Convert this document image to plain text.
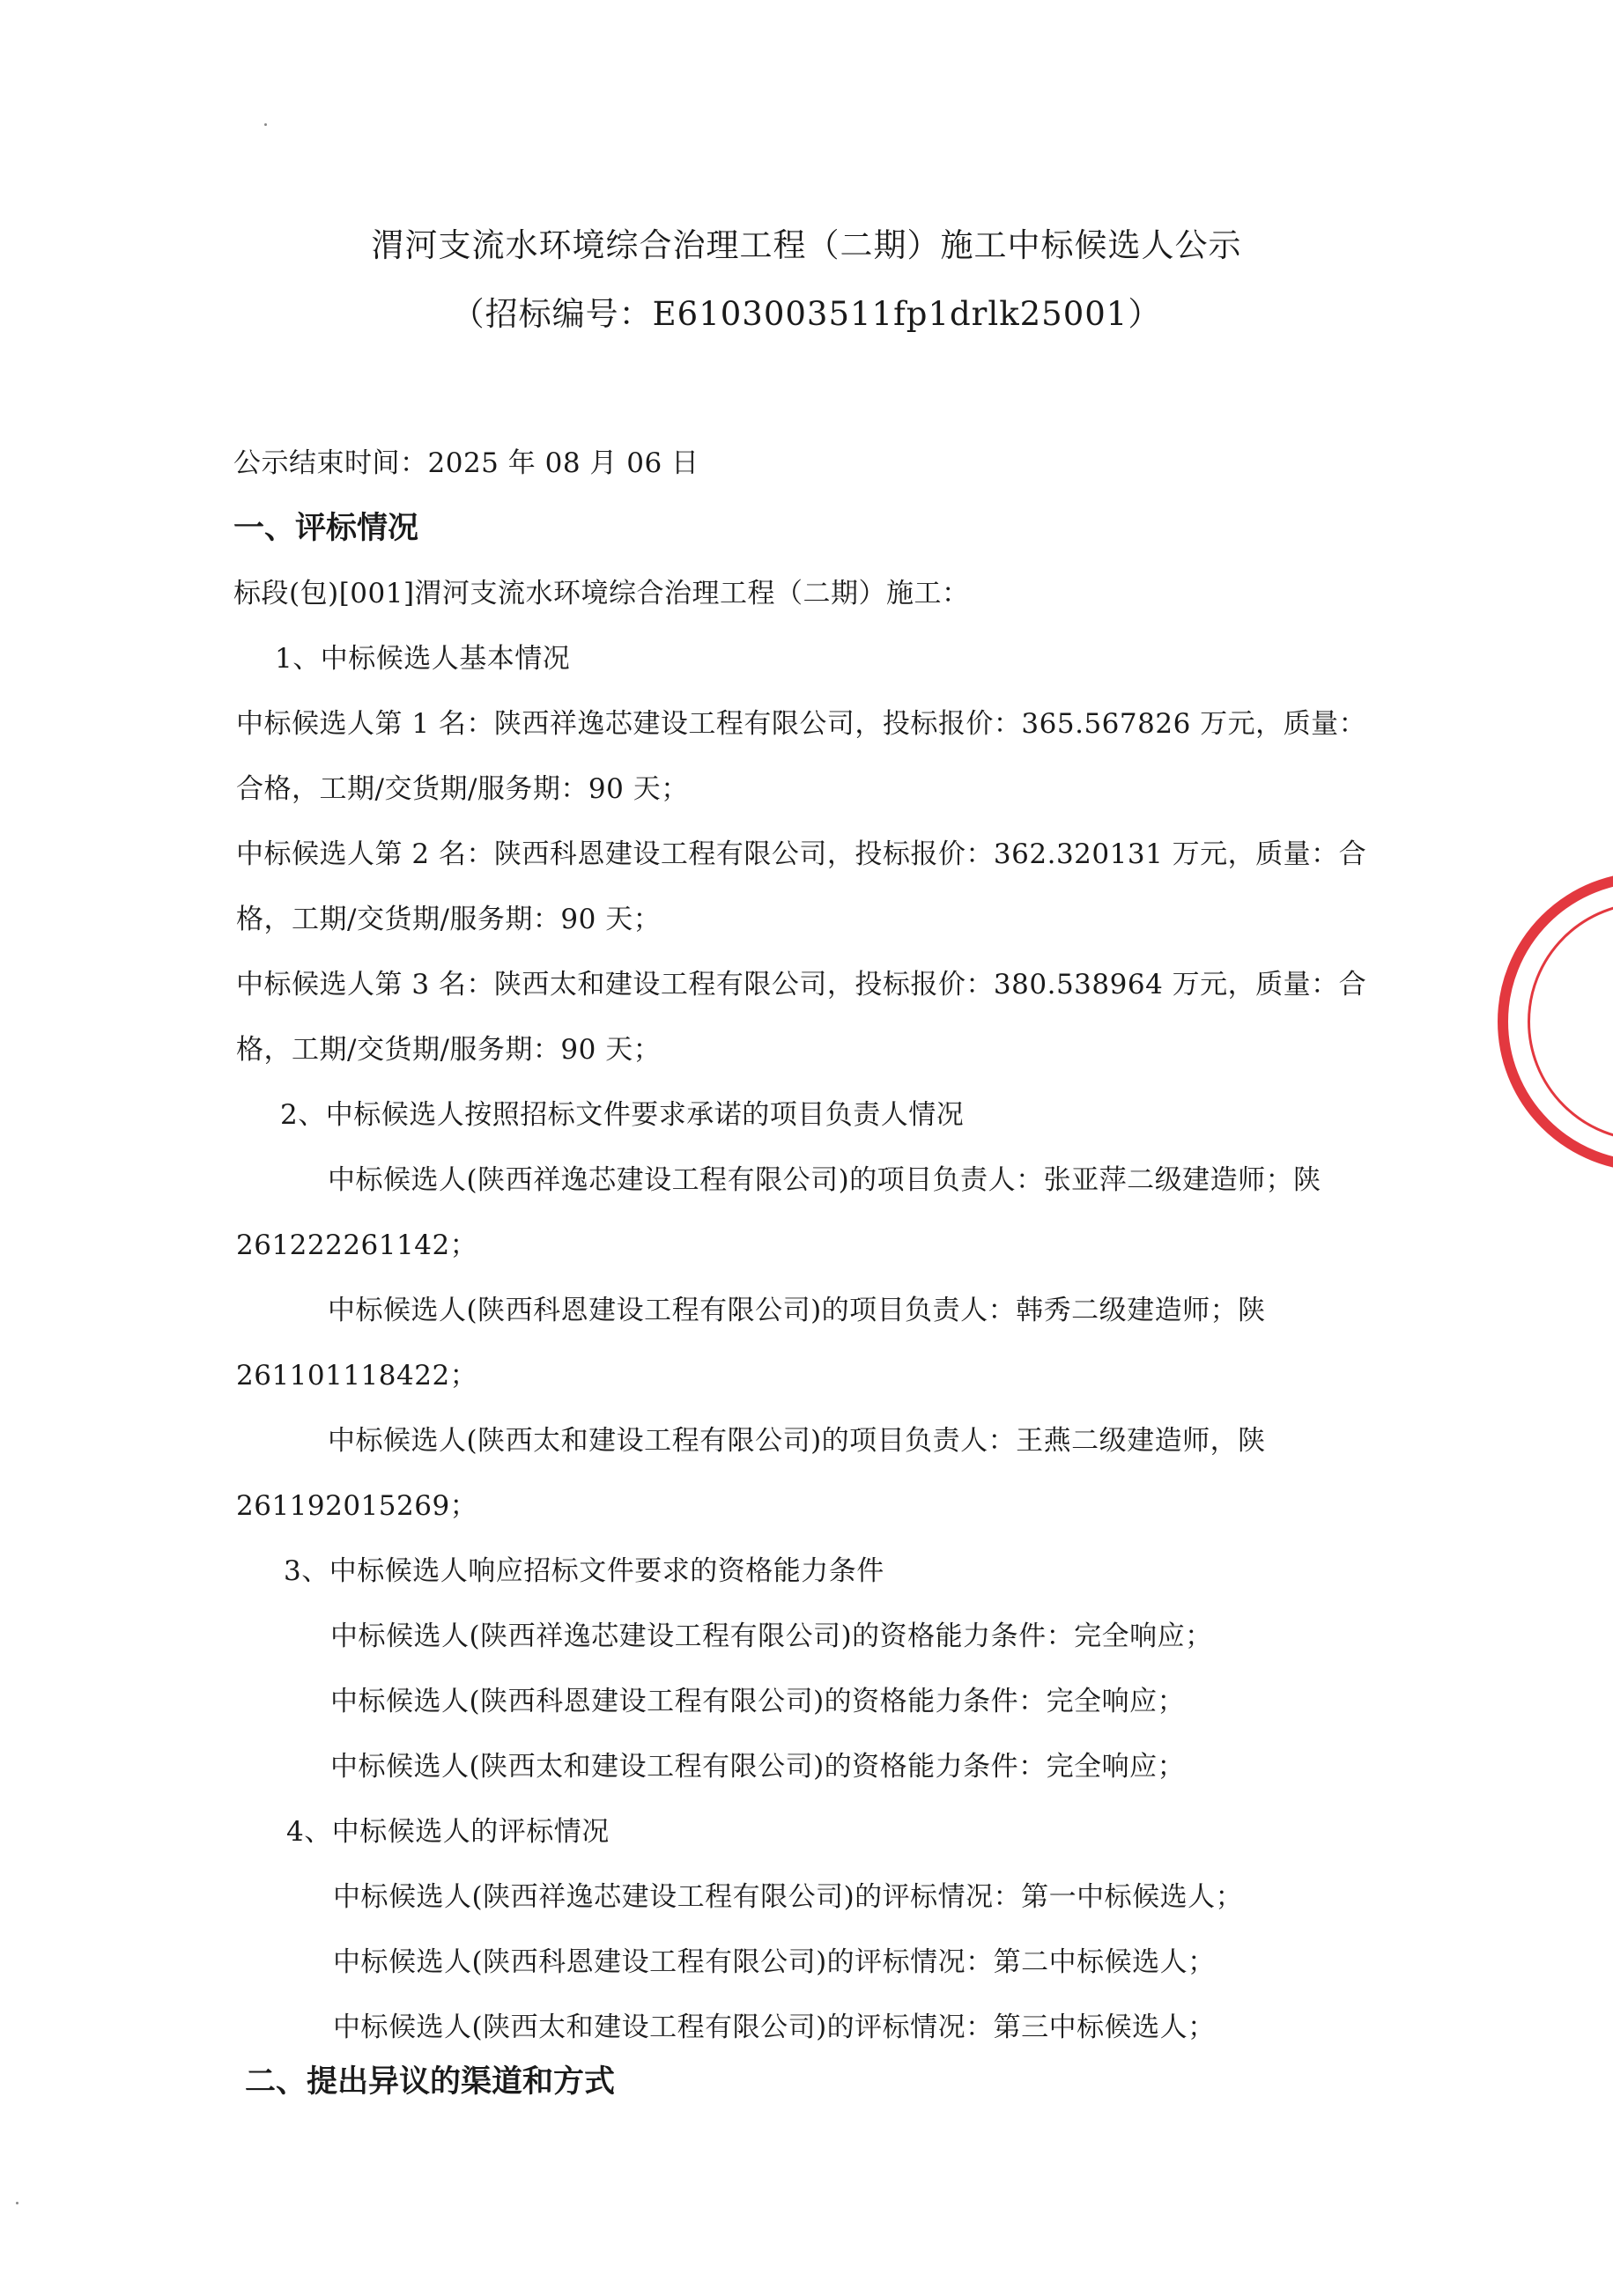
渭河支流水环境综合治理工程（二期）施工中标候选人公示
（招标编号：E6103003511fp1drlk25001）
公示结束时间：2025 年 08 月 06 日
一、评标情况
标段(包)[001]渭河支流水环境综合治理工程（二期）施工：
1、中标候选人基本情况
中标候选人第 1 名：陕西祥逸芯建设工程有限公司，投标报价：365.567826 万元，质量：
合格，工期/交货期/服务期：90 天；
中标候选人第 2 名：陕西科恩建设工程有限公司，投标报价：362.320131 万元，质量：合
格，工期/交货期/服务期：90 天；
中标候选人第 3 名：陕西太和建设工程有限公司，投标报价：380.538964 万元，质量：合
格，工期/交货期/服务期：90 天；
2、中标候选人按照招标文件要求承诺的项目负责人情况
中标候选人(陕西祥逸芯建设工程有限公司)的项目负责人：张亚萍二级建造师；陕
261222261142；
中标候选人(陕西科恩建设工程有限公司)的项目负责人：韩秀二级建造师；陕
261101118422；
中标候选人(陕西太和建设工程有限公司)的项目负责人：王燕二级建造师，陕
261192015269；
3、中标候选人响应招标文件要求的资格能力条件
中标候选人(陕西祥逸芯建设工程有限公司)的资格能力条件：完全响应；
中标候选人(陕西科恩建设工程有限公司)的资格能力条件：完全响应；
中标候选人(陕西太和建设工程有限公司)的资格能力条件：完全响应；
4、中标候选人的评标情况
中标候选人(陕西祥逸芯建设工程有限公司)的评标情况：第一中标候选人；
中标候选人(陕西科恩建设工程有限公司)的评标情况：第二中标候选人；
中标候选人(陕西太和建设工程有限公司)的评标情况：第三中标候选人；
二、提出异议的渠道和方式
